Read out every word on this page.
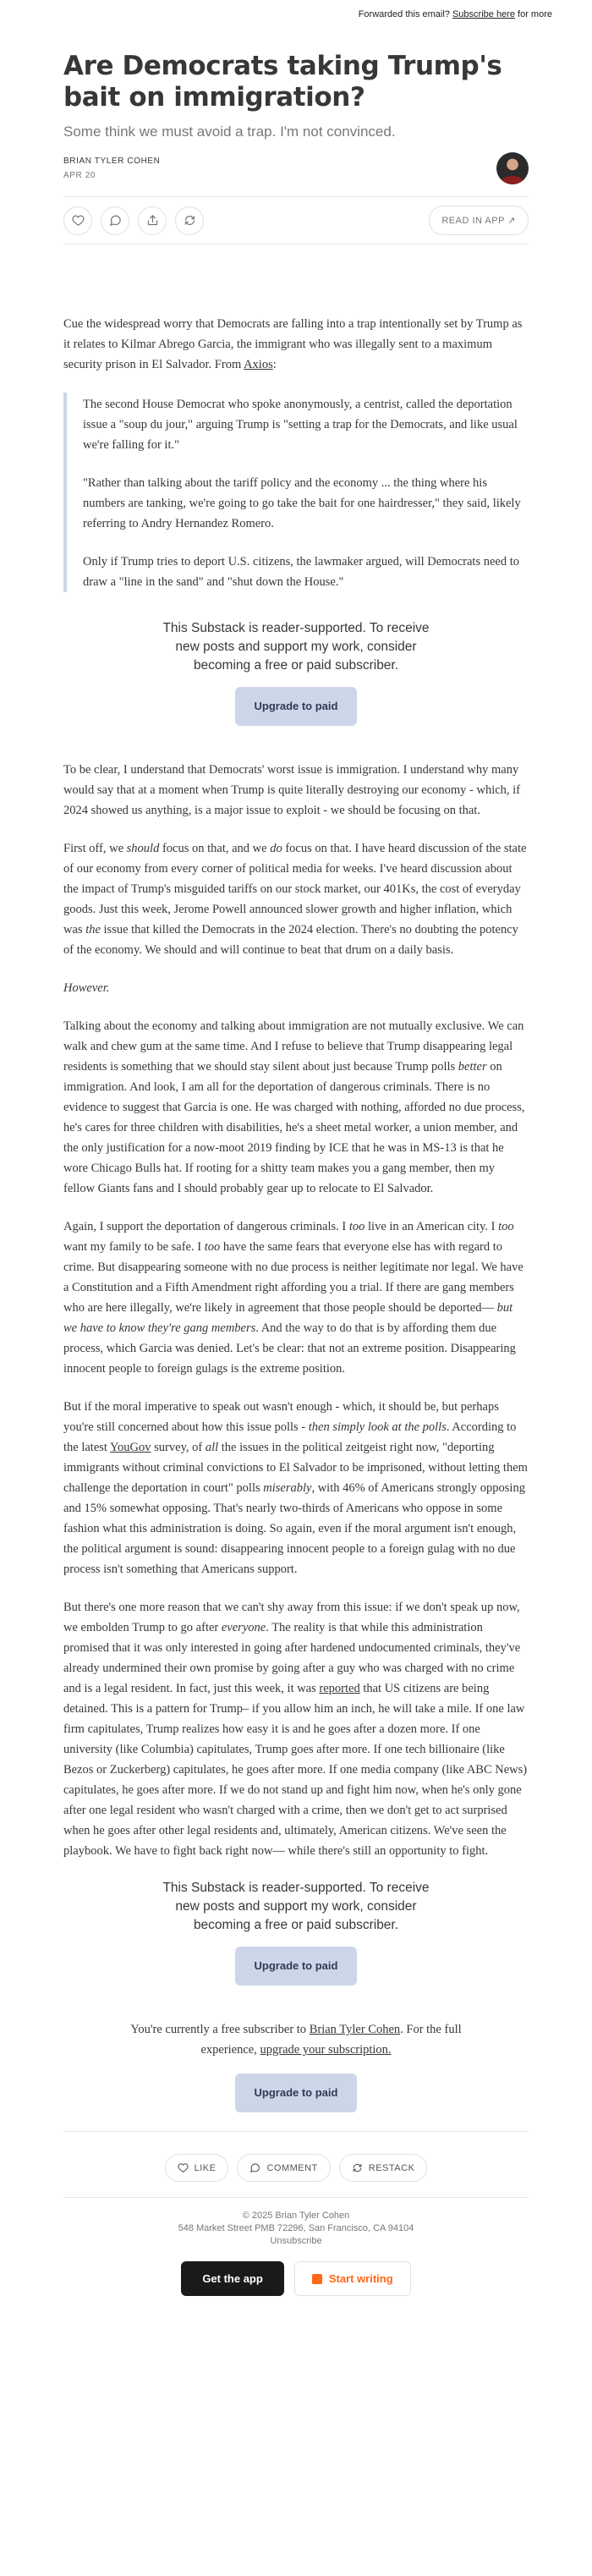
Forwarded this email? Subscribe here for more
Are Democrats taking Trump's bait on immigration?
Some think we must avoid a trap. I'm not convinced.
BRIAN TYLER COHEN
APR 20
READ IN APP ↗

Cue the widespread worry that Democrats are falling into a trap intentionally set by Trump as it relates to Kilmar Abrego Garcia, the immigrant who was illegally sent to a maximum security prison in El Salvador. From Axios:

The second House Democrat who spoke anonymously, a centrist, called the deportation issue a "soup du jour," arguing Trump is "setting a trap for the Democrats, and like usual we're falling for it."

"Rather than talking about the tariff policy and the economy ... the thing where his numbers are tanking, we're going to go take the bait for one hairdresser," they said, likely referring to Andry Hernandez Romero.

Only if Trump tries to deport U.S. citizens, the lawmaker argued, will Democrats need to draw a "line in the sand" and "shut down the House."

This Substack is reader-supported. To receive new posts and support my work, consider becoming a free or paid subscriber.
Upgrade to paid

To be clear, I understand that Democrats' worst issue is immigration. I understand why many would say that at a moment when Trump is quite literally destroying our economy - which, if 2024 showed us anything, is a major issue to exploit - we should be focusing on that.

First off, we should focus on that, and we do focus on that. I have heard discussion of the state of our economy from every corner of political media for weeks. I've heard discussion about the impact of Trump's misguided tariffs on our stock market, our 401Ks, the cost of everyday goods. Just this week, Jerome Powell announced slower growth and higher inflation, which was the issue that killed the Democrats in the 2024 election. There's no doubting the potency of the economy. We should and will continue to beat that drum on a daily basis.

However.

Talking about the economy and talking about immigration are not mutually exclusive. We can walk and chew gum at the same time. And I refuse to believe that Trump disappearing legal residents is something that we should stay silent about just because Trump polls better on immigration. And look, I am all for the deportation of dangerous criminals. There is no evidence to suggest that Garcia is one. He was charged with nothing, afforded no due process, he's cares for three children with disabilities, he's a sheet metal worker, a union member, and the only justification for a now-moot 2019 finding by ICE that he was in MS-13 is that he wore Chicago Bulls hat. If rooting for a shitty team makes you a gang member, then my fellow Giants fans and I should probably gear up to relocate to El Salvador.

Again, I support the deportation of dangerous criminals. I too live in an American city. I too want my family to be safe. I too have the same fears that everyone else has with regard to crime. But disappearing someone with no due process is neither legitimate nor legal. We have a Constitution and a Fifth Amendment right affording you a trial. If there are gang members who are here illegally, we're likely in agreement that those people should be deported— but we have to know they're gang members. And the way to do that is by affording them due process, which Garcia was denied. Let's be clear: that not an extreme position. Disappearing innocent people to foreign gulags is the extreme position.

But if the moral imperative to speak out wasn't enough - which, it should be, but perhaps you're still concerned about how this issue polls - then simply look at the polls. According to the latest YouGov survey, of all the issues in the political zeitgeist right now, "deporting immigrants without criminal convictions to El Salvador to be imprisoned, without letting them challenge the deportation in court" polls miserably, with 46% of Americans strongly opposing and 15% somewhat opposing. That's nearly two-thirds of Americans who oppose in some fashion what this administration is doing. So again, even if the moral argument isn't enough, the political argument is sound: disappearing innocent people to a foreign gulag with no due process isn't something that Americans support.

But there's one more reason that we can't shy away from this issue: if we don't speak up now, we embolden Trump to go after everyone. The reality is that while this administration promised that it was only interested in going after hardened undocumented criminals, they've already undermined their own promise by going after a guy who was charged with no crime and is a legal resident. In fact, just this week, it was reported that US citizens are being detained. This is a pattern for Trump– if you allow him an inch, he will take a mile. If one law firm capitulates, Trump realizes how easy it is and he goes after a dozen more. If one university (like Columbia) capitulates, Trump goes after more. If one tech billionaire (like Bezos or Zuckerberg) capitulates, he goes after more. If one media company (like ABC News) capitulates, he goes after more. If we do not stand up and fight him now, when he's only gone after one legal resident who wasn't charged with a crime, then we don't get to act surprised when he goes after other legal residents and, ultimately, American citizens. We've seen the playbook. We have to fight back right now— while there's still an opportunity to fight.

This Substack is reader-supported. To receive new posts and support my work, consider becoming a free or paid subscriber.
Upgrade to paid
You're currently a free subscriber to Brian Tyler Cohen. For the full experience, upgrade your subscription.
Upgrade to paid
LIKE	COMMENT	RESTACK
© 2025 Brian Tyler Cohen
548 Market Street PMB 72296, San Francisco, CA 94104
Unsubscribe
Get the app	Start writing
